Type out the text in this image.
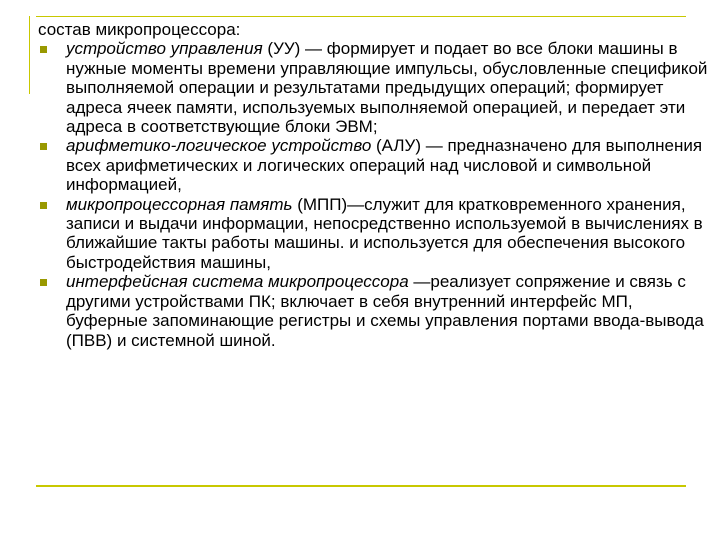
состав микропроцессора:

устройство управления (УУ) — формирует и подает во все блоки машины в нужные моменты времени управляющие импульсы, обусловленные спецификой выполняемой операции и результатами предыдущих операций; формирует адреса ячеек памяти, используемых выполняемой операцией, и передает эти адреса в соответствующие блоки ЭВМ;
арифметико-логическое устройство (АЛУ) — предназначено для выполнения всех арифметических и логических операций над числовой и символьной информацией,
микропроцессорная память (МПП)—служит для кратковременного хранения, записи и выдачи информации, непосредственно используемой в вычислениях в ближайшие такты работы машины. и используется для обеспечения высокого быстродействия машины,
интерфейсная система микропроцессора —реализует сопряжение и связь с другими устройствами ПК; включает в себя внутренний интерфейс МП, буферные запоминающие регистры и схемы управления портами ввода-вывода (ПВВ) и системной шиной.
